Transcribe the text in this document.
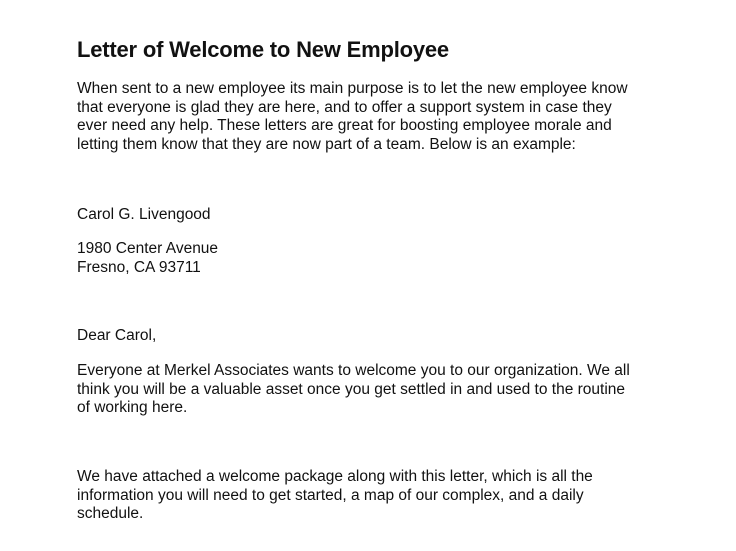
Letter of Welcome to New Employee

When sent to a new employee its main purpose is to let the new employee know
that everyone is glad they are here, and to offer a support system in case they
ever need any help. These letters are great for boosting employee morale and
letting them know that they are now part of a team. Below is an example:

Carol G. Livengood

1980 Center Avenue
Fresno, CA 93711

Dear Carol,

Everyone at Merkel Associates wants to welcome you to our organization. We all
think you will be a valuable asset once you get settled in and used to the routine
of working here.

We have attached a welcome package along with this letter, which is all the
information you will need to get started, a map of our complex, and a daily
schedule.
